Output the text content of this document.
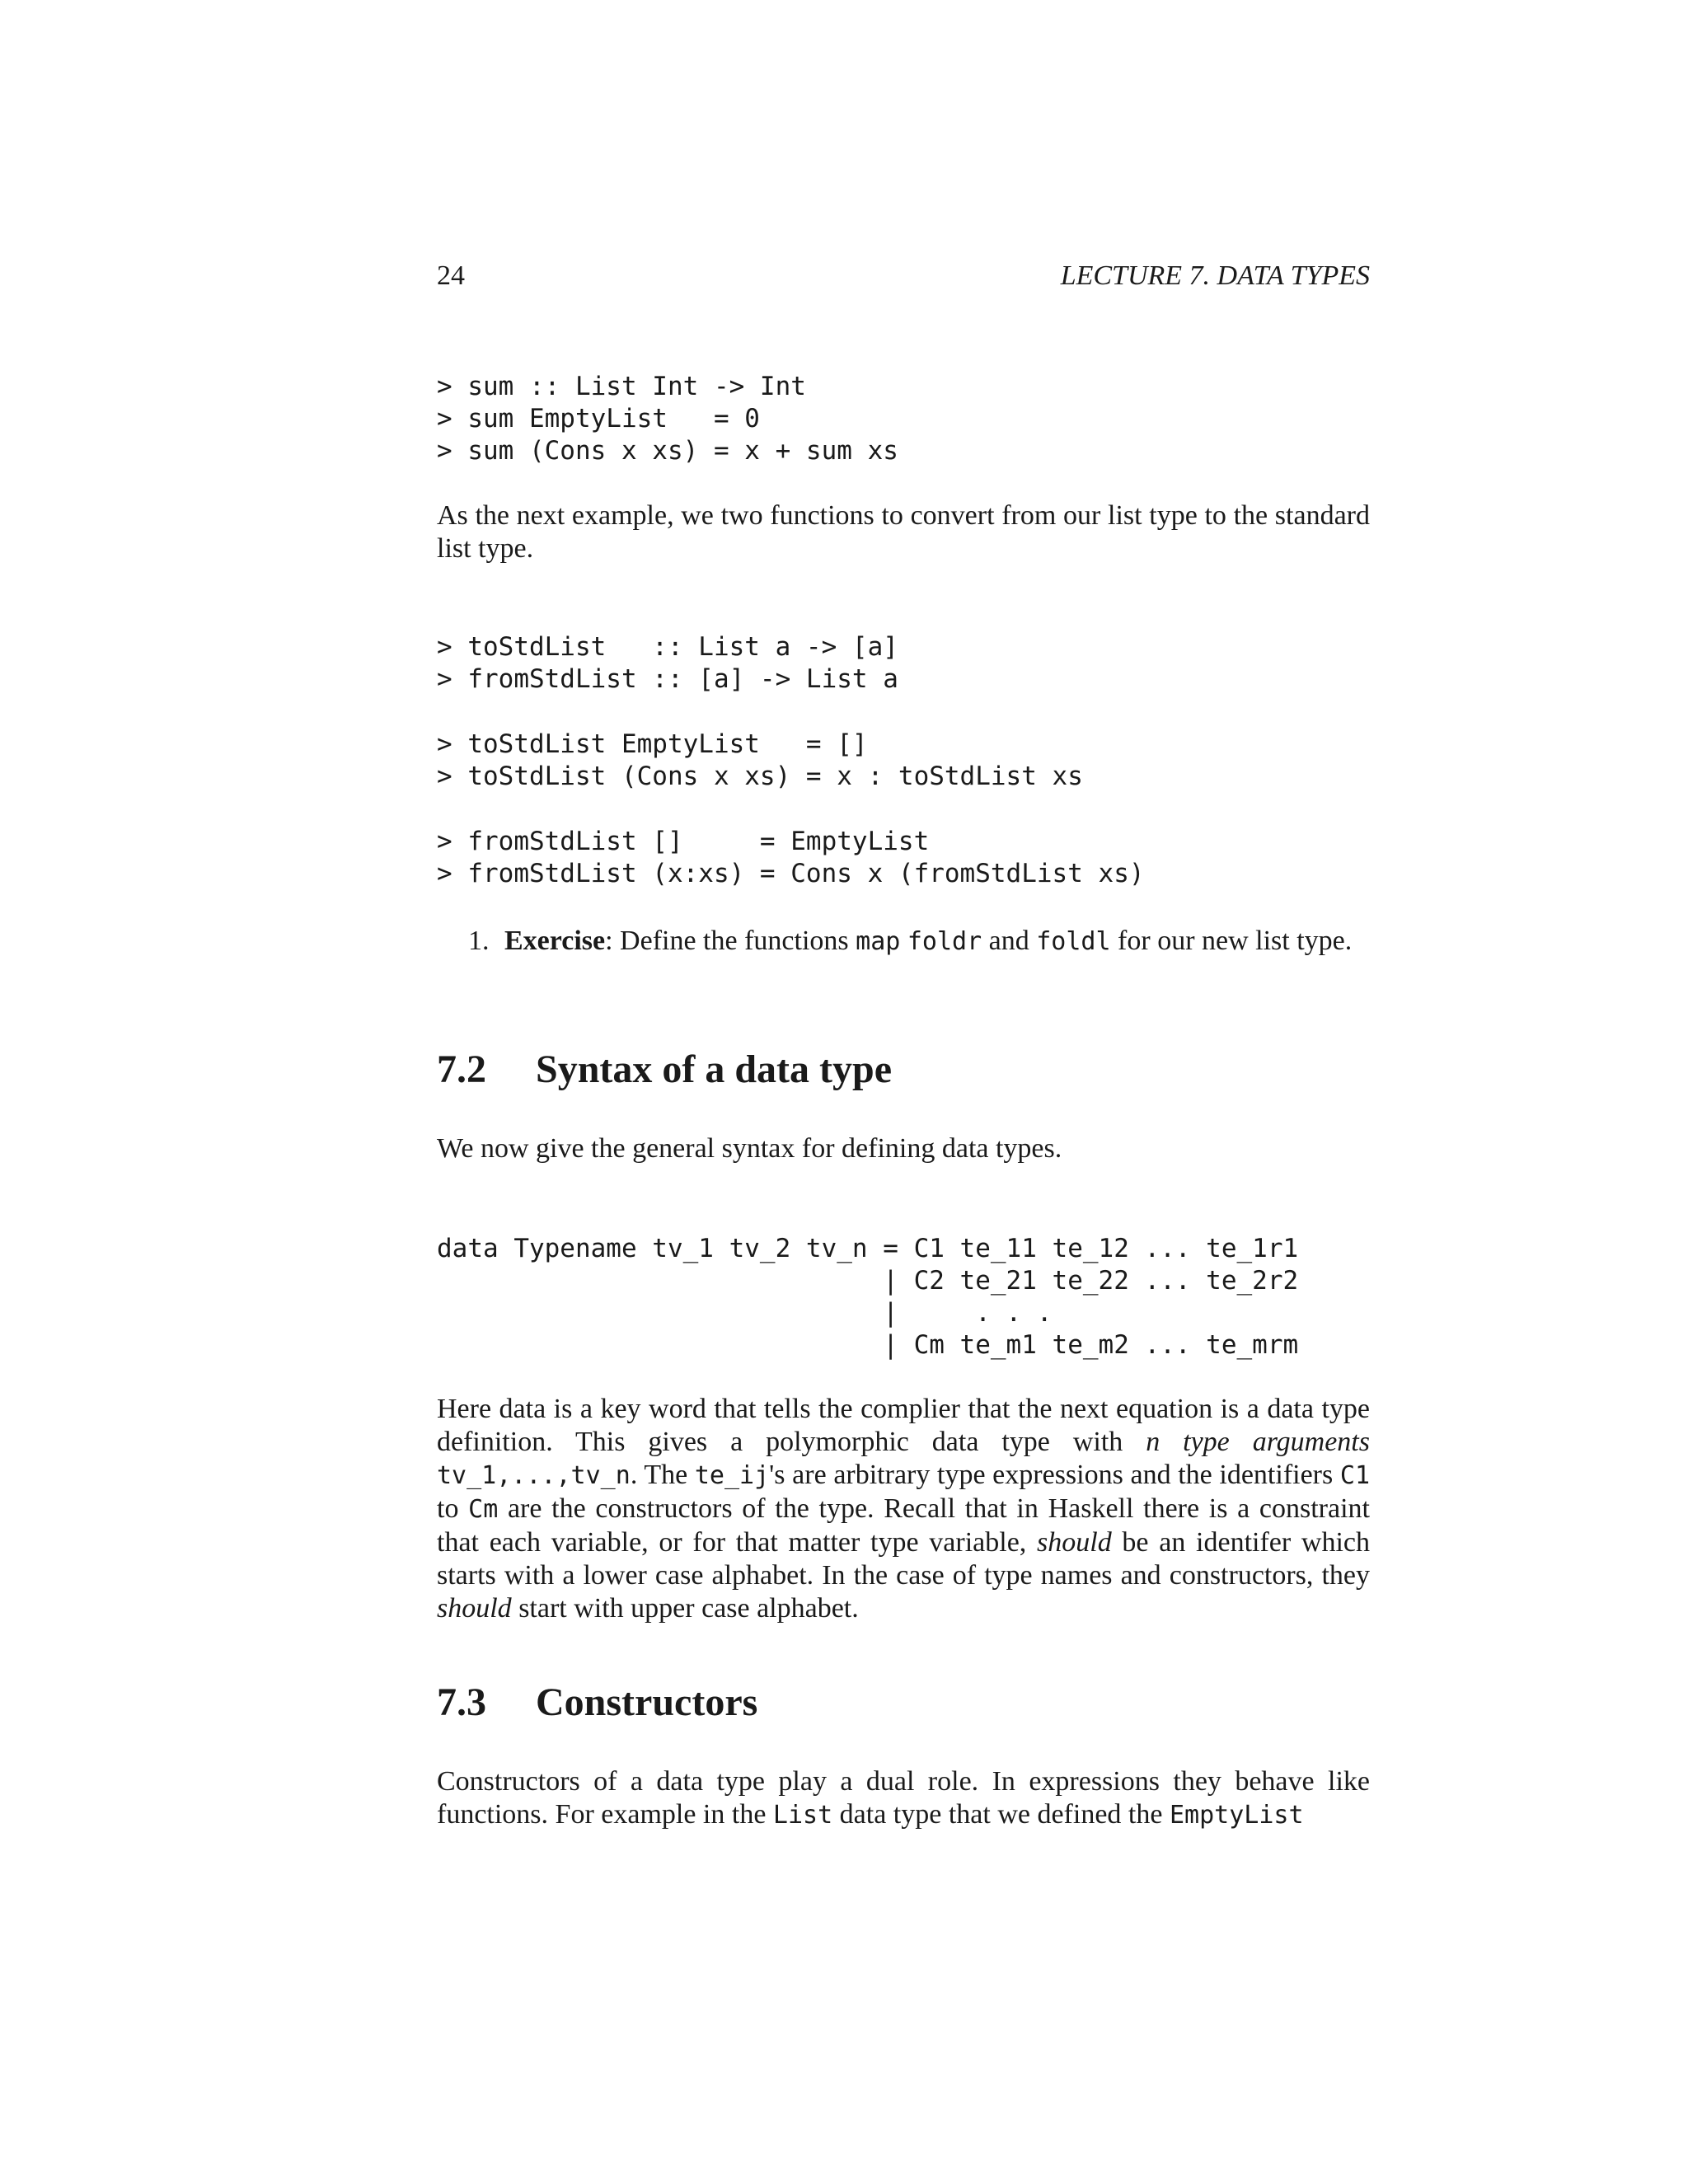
24	LECTURE 7. DATA TYPES
> sum :: List Int -> Int
> sum EmptyList   = 0
> sum (Cons x xs) = x + sum xs
As the next example, we two functions to convert from our list type to the standard list type.
> toStdList   :: List a -> [a]
> fromStdList :: [a] -> List a
> toStdList EmptyList   = []
> toStdList (Cons x xs) = x : toStdList xs
> fromStdList []     = EmptyList
> fromStdList (x:xs) = Cons x (fromStdList xs)
1. Exercise: Define the functions map foldr and foldl for our new list type.
7.2 Syntax of a data type
We now give the general syntax for defining data types.
data Typename tv_1 tv_2 tv_n = C1 te_11 te_12 ... te_1r1
| C2 te_21 te_22 ... te_2r2
|     . . .
| Cm te_m1 te_m2 ... te_mrm
Here data is a key word that tells the complier that the next equation is a data type definition. This gives a polymorphic data type with n type arguments tv_1,...,tv_n. The te_ij's are arbitrary type expressions and the identifiers C1 to Cm are the constructors of the type. Recall that in Haskell there is a constraint that each variable, or for that matter type variable, should be an identifer which starts with a lower case alphabet. In the case of type names and constructors, they should start with upper case alphabet.
7.3 Constructors
Constructors of a data type play a dual role. In expressions they behave like functions. For example in the List data type that we defined the EmptyList
